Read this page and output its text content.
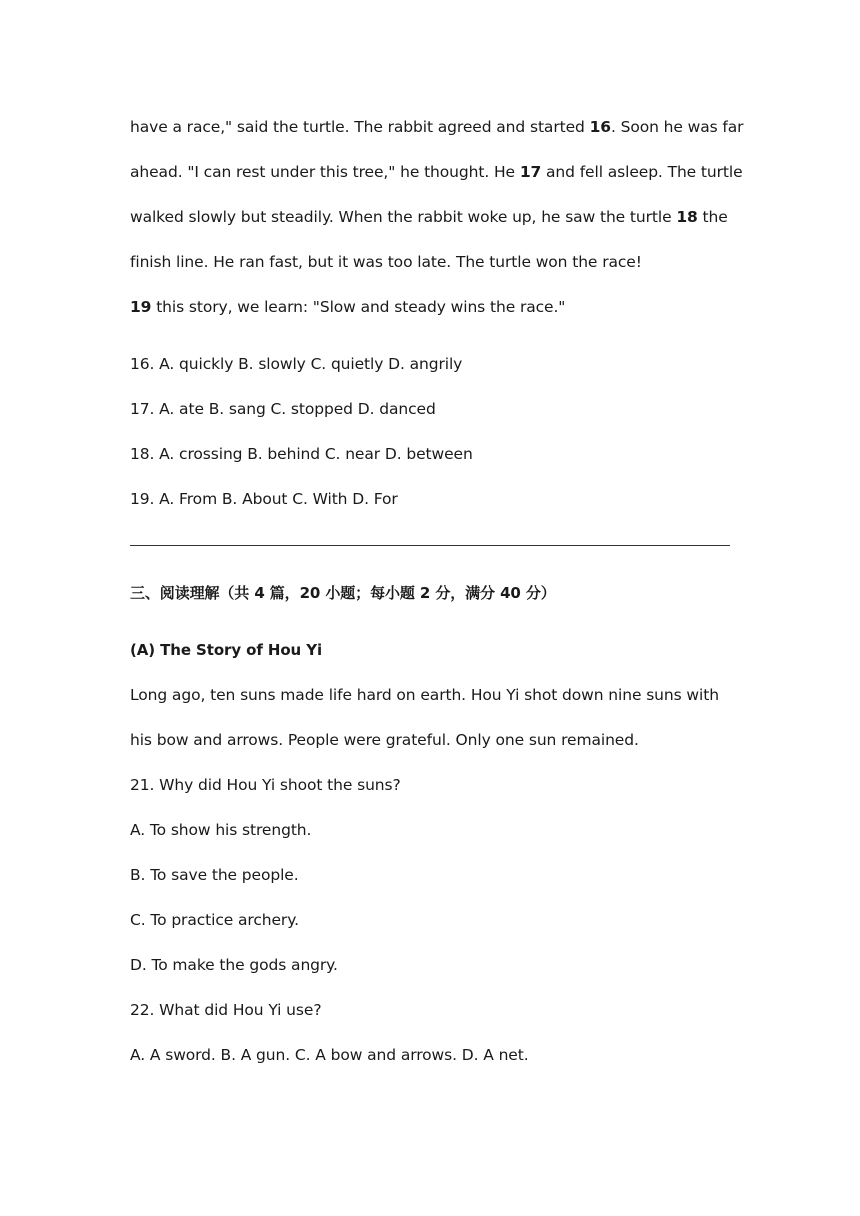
have a race," said the turtle. The rabbit agreed and started 16. Soon he was far
ahead. "I can rest under this tree," he thought. He 17 and fell asleep. The turtle
walked slowly but steadily. When the rabbit woke up, he saw the turtle 18 the
finish line. He ran fast, but it was too late. The turtle won the race!
19 this story, we learn: "Slow and steady wins the race."
16. A. quickly B. slowly C. quietly D. angrily
17. A. ate B. sang C. stopped D. danced
18. A. crossing B. behind C. near D. between
19. A. From B. About C. With D. For
三、阅读理解（共 4 篇，20 小题；每小题 2 分，满分 40 分）
(A) The Story of Hou Yi
Long ago, ten suns made life hard on earth. Hou Yi shot down nine suns with
his bow and arrows. People were grateful. Only one sun remained.
21. Why did Hou Yi shoot the suns?
A. To show his strength.
B. To save the people.
C. To practice archery.
D. To make the gods angry.
22. What did Hou Yi use?
A. A sword. B. A gun. C. A bow and arrows. D. A net.
